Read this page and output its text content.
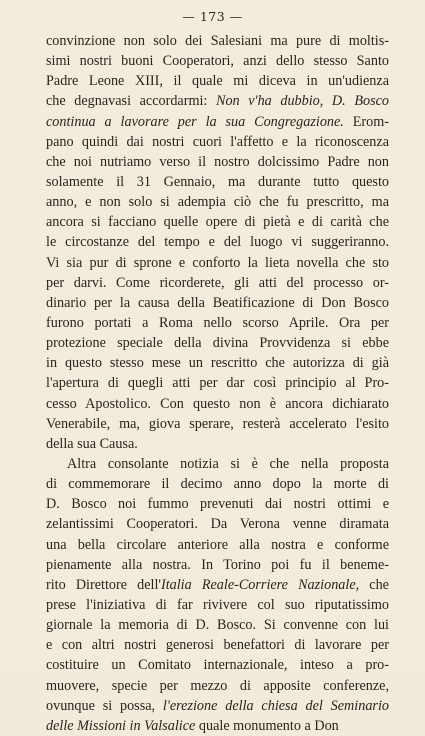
— 173 —
convinzione non solo dei Salesiani ma pure di moltis-
simi nostri buoni Cooperatori, anzi dello stesso Santo
Padre Leone XIII, il quale mi diceva in un'udienza
che degnavasi accordarmi: Non v'ha dubbio, D. Bosco
continua a lavorare per la sua Congregazione. Erom-
pano quindi dai nostri cuori l'affetto e la riconoscenza
che noi nutriamo verso il nostro dolcissimo Padre non
solamente il 31 Gennaio, ma durante tutto questo
anno, e non solo si adempia ciò che fu prescritto, ma
ancora si facciano quelle opere di pietà e di carità che
le circostanze del tempo e del luogo vi suggeriranno.
Vi sia pur di sprone e conforto la lieta novella che sto
per darvi. Come ricorderete, gli atti del processo or-
dinario per la causa della Beatificazione di Don Bosco
furono portati a Roma nello scorso Aprile. Ora per
protezione speciale della divina Provvidenza si ebbe
in questo stesso mese un rescritto che autorizza di già
l'apertura di quegli atti per dar così principio al Pro-
cesso Apostolico. Con questo non è ancora dichiarato
Venerabile, ma, giova sperare, resterà accelerato l'esito
della sua Causa.
Altra consolante notizia si è che nella proposta
di commemorare il decimo anno dopo la morte di
D. Bosco noi fummo prevenuti dai nostri ottimi e
zelantissimi Cooperatori. Da Verona venne diramata
una bella circolare anteriore alla nostra e conforme
pienamente alla nostra. In Torino poi fu il beneme-
rito Direttore dell'Italia Reale-Corriere Nazionale, che
prese l'iniziativa di far rivivere col suo riputatissimo
giornale la memoria di D. Bosco. Si convenne con lui
e con altri nostri generosi benefattori di lavorare per
costituire un Comitato internazionale, inteso a pro-
muovere, specie per mezzo di apposite conferenze,
ovunque si possa, l'erezione della chiesa del Seminario
delle Missioni in Valsalice quale monumento a Don
